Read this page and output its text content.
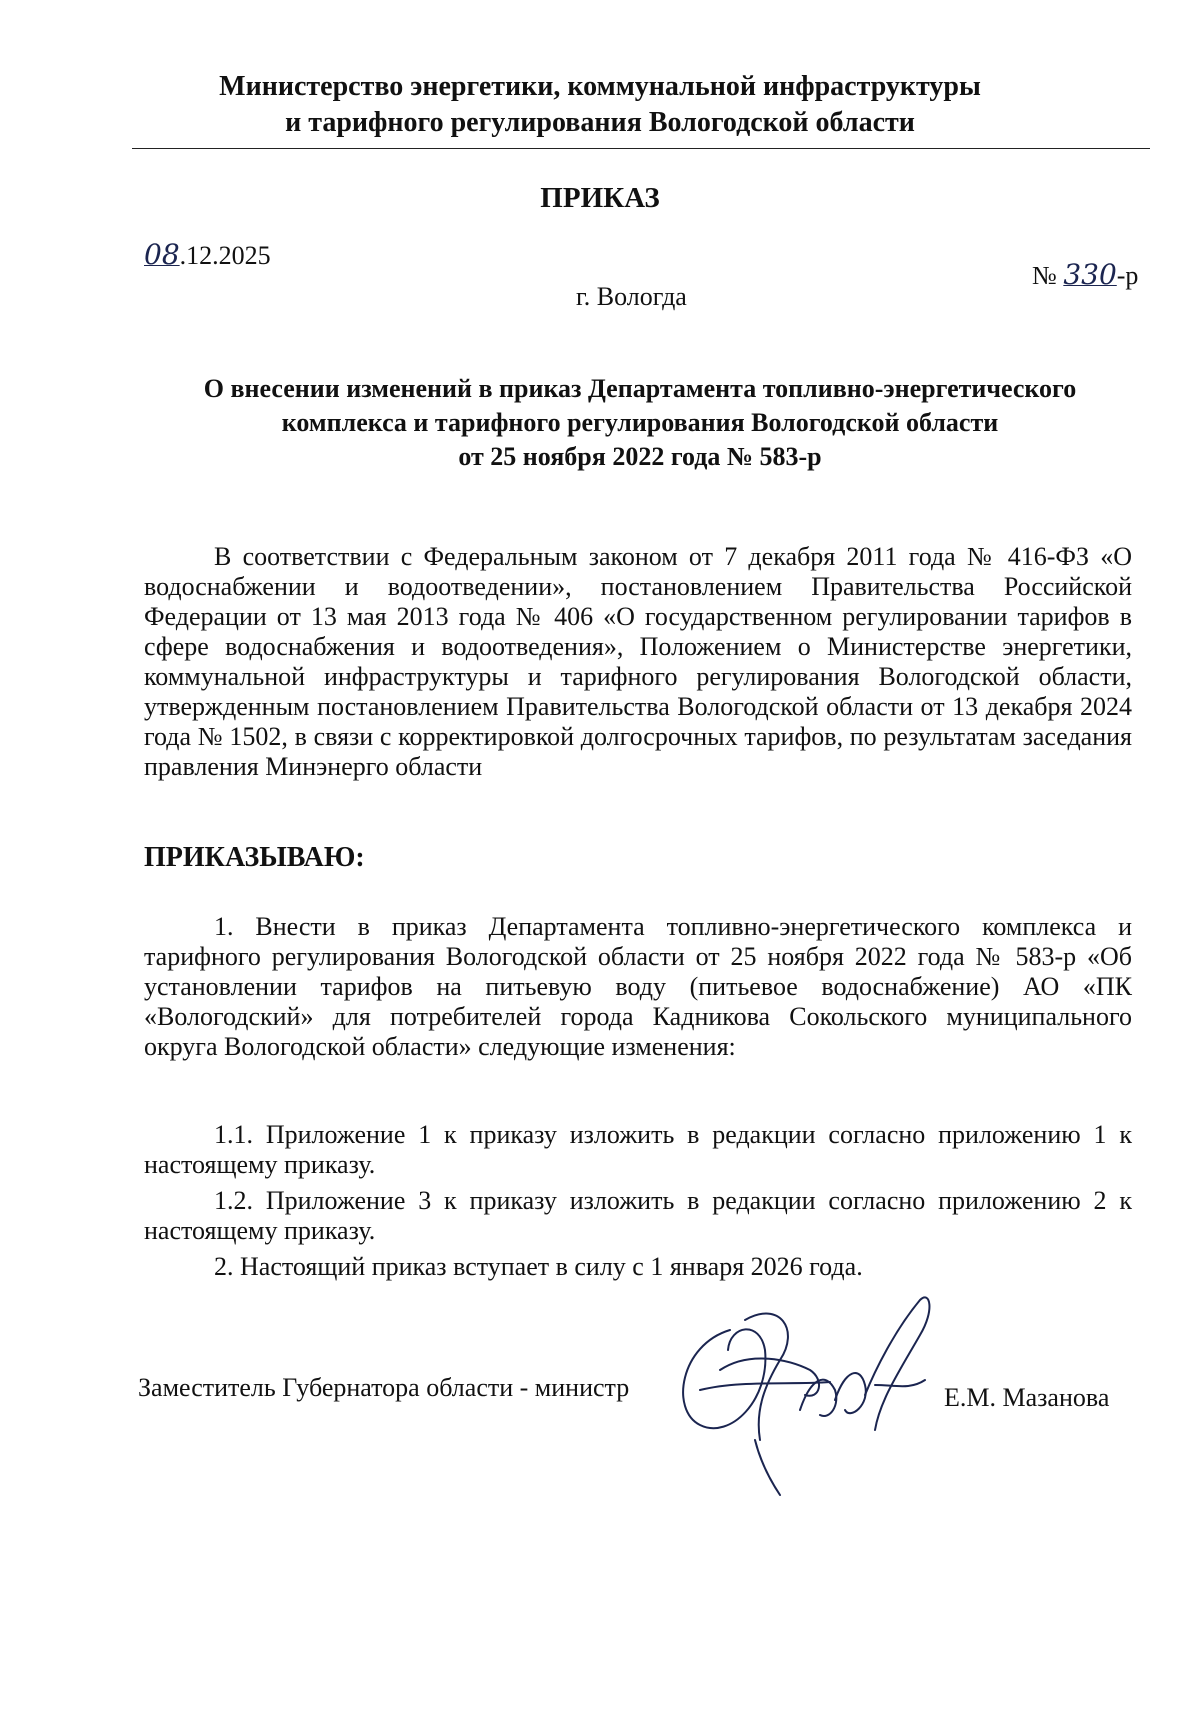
Министерство энергетики, коммунальной инфраструктуры
и тарифного регулирования Вологодской области
ПРИКАЗ
08.12.2025
№ 330-р
г. Вологда
О внесении изменений в приказ Департамента топливно-энергетического
комплекса и тарифного регулирования Вологодской области
от 25 ноября 2022 года № 583-р
В соответствии с Федеральным законом от 7 декабря 2011 года № 416-ФЗ «О водоснабжении и водоотведении», постановлением Правительства Российской Федерации от 13 мая 2013 года № 406 «О государственном регулировании тарифов в сфере водоснабжения и водоотведения», Положением о Министерстве энергетики, коммунальной инфраструктуры и тарифного регулирования Вологодской области, утвержденным постановлением Правительства Вологодской области от 13 декабря 2024 года № 1502, в связи с корректировкой долгосрочных тарифов, по результатам заседания правления Минэнерго области
ПРИКАЗЫВАЮ:
1. Внести в приказ Департамента топливно-энергетического комплекса и тарифного регулирования Вологодской области от 25 ноября 2022 года № 583-р «Об установлении тарифов на питьевую воду (питьевое водоснабжение) АО «ПК «Вологодский» для потребителей города Кадникова Сокольского муниципального округа Вологодской области» следующие изменения:
1.1. Приложение 1 к приказу изложить в редакции согласно приложению 1 к настоящему приказу.
1.2. Приложение 3 к приказу изложить в редакции согласно приложению 2 к настоящему приказу.
2. Настоящий приказ вступает в силу с 1 января 2026 года.
Заместитель Губернатора области - министр	Е.М. Мазанова
